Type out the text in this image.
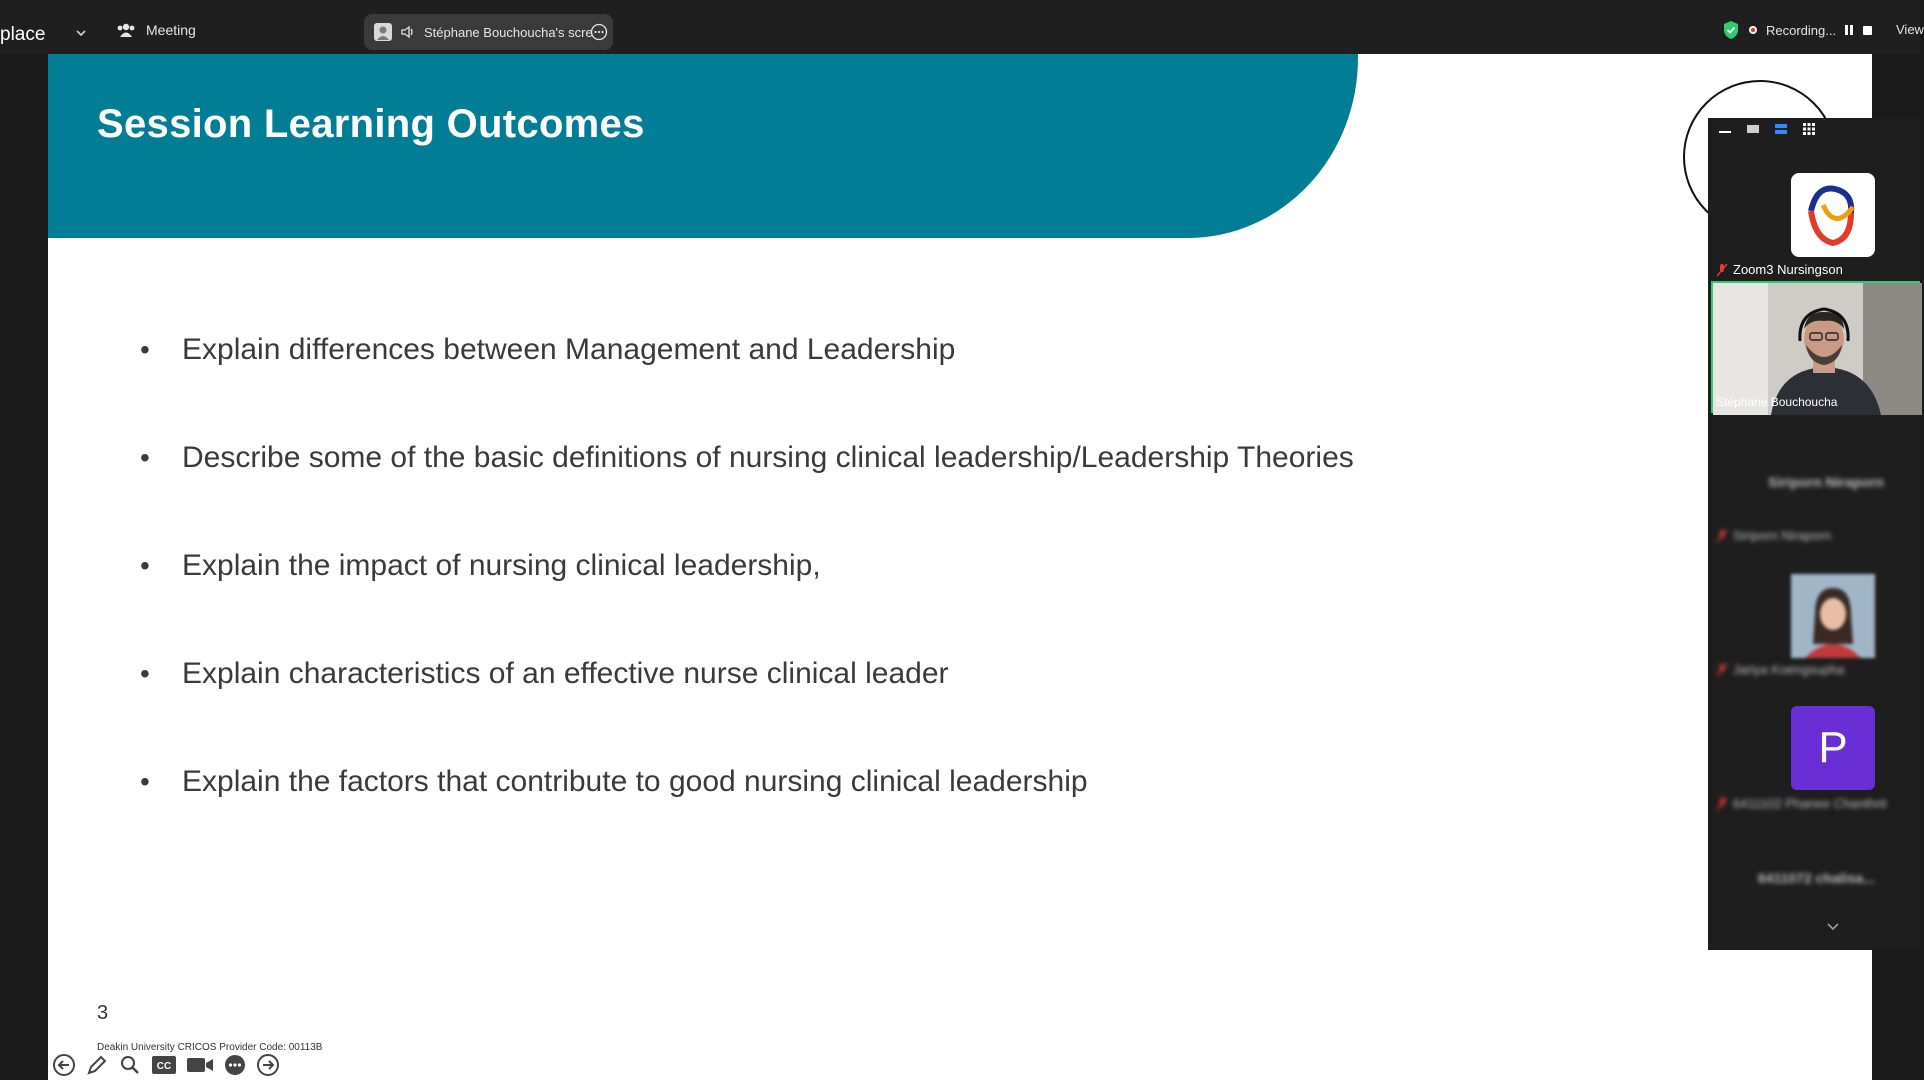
place	Meeting	Stéphane Bouchoucha's scre	Recording...	View
Session Learning Outcomes
• Explain differences between Management and Leadership
• Describe some of the basic definitions of nursing clinical leadership/Leadership Theories
• Explain the impact of nursing clinical leadership,
• Explain characteristics of an effective nurse clinical leader
• Explain the factors that contribute to good nursing clinical leadership
3
Deakin University CRICOS Provider Code: 00113B
CC
Zoom3 Nursingson
Stéphane Bouchoucha
Siriporn Niraporn
Siriporn Niraporn
Jariya Koengsupha
P
6411102 Phanee Chanthrit
6411072 chalisa...
